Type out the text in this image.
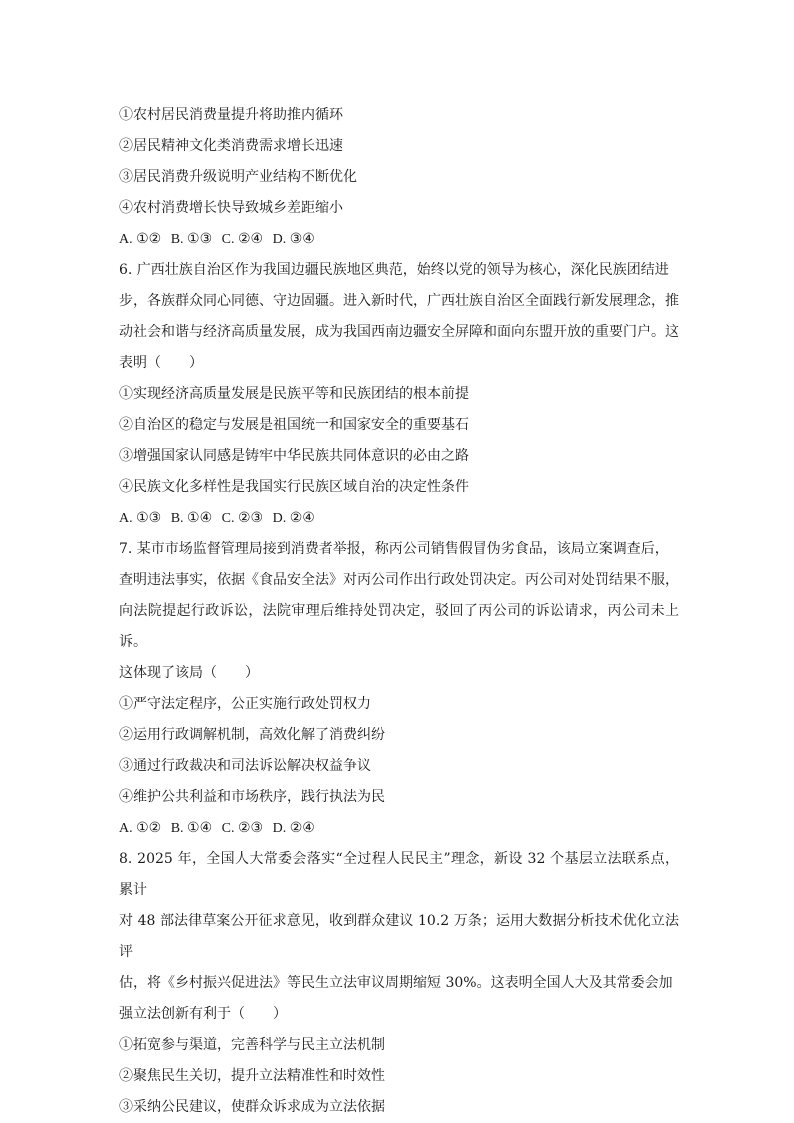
①农村居民消费量提升将助推内循环
②居民精神文化类消费需求增长迅速
③居民消费升级说明产业结构不断优化
④农村消费增长快导致城乡差距缩小
A. ①② B. ①③ C. ②④ D. ③④
6. 广西壮族自治区作为我国边疆民族地区典范，始终以党的领导为核心，深化民族团结进
步，各族群众同心同德、守边固疆。进入新时代，广西壮族自治区全面践行新发展理念，推
动社会和谐与经济高质量发展，成为我国西南边疆安全屏障和面向东盟开放的重要门户。这
表明（　　）
①实现经济高质量发展是民族平等和民族团结的根本前提
②自治区的稳定与发展是祖国统一和国家安全的重要基石
③增强国家认同感是铸牢中华民族共同体意识的必由之路
④民族文化多样性是我国实行民族区域自治的决定性条件
A. ①③ B. ①④ C. ②③ D. ②④
7. 某市市场监督管理局接到消费者举报，称丙公司销售假冒伪劣食品，该局立案调查后，
查明违法事实，依据《食品安全法》对丙公司作出行政处罚决定。丙公司对处罚结果不服，
向法院提起行政诉讼，法院审理后维持处罚决定，驳回了丙公司的诉讼请求，丙公司未上诉。
这体现了该局（　　）
①严守法定程序，公正实施行政处罚权力
②运用行政调解机制，高效化解了消费纠纷
③通过行政裁决和司法诉讼解决权益争议
④维护公共利益和市场秩序，践行执法为民
A. ①② B. ①④ C. ②③ D. ②④
8. 2025 年，全国人大常委会落实“全过程人民民主”理念，新设 32 个基层立法联系点，累计
对 48 部法律草案公开征求意见，收到群众建议 10.2 万条；运用大数据分析技术优化立法评
估，将《乡村振兴促进法》等民生立法审议周期缩短 30%。这表明全国人大及其常委会加
强立法创新有利于（　　）
①拓宽参与渠道，完善科学与民主立法机制
②聚焦民生关切，提升立法精准性和时效性
③采纳公民建议，使群众诉求成为立法依据
